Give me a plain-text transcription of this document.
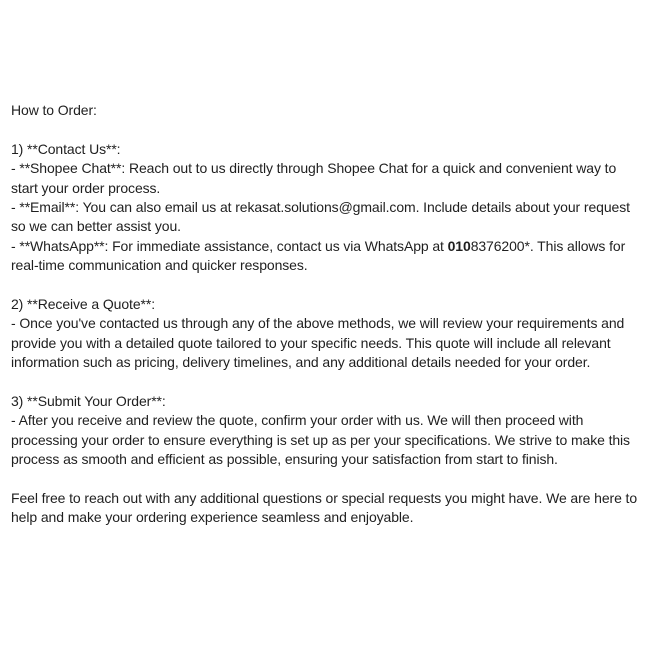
How to Order:

1) **Contact Us**:

- **Shopee Chat**: Reach out to us directly through Shopee Chat for a quick and convenient way to start your order process.

- **Email**: You can also email us at rekasat.solutions@gmail.com. Include details about your request so we can better assist you.

- **WhatsApp**: For immediate assistance, contact us via WhatsApp at 0108376200*. This allows for real-time communication and quicker responses.

2) **Receive a Quote**:

- Once you've contacted us through any of the above methods, we will review your requirements and provide you with a detailed quote tailored to your specific needs. This quote will include all relevant information such as pricing, delivery timelines, and any additional details needed for your order.

3) **Submit Your Order**:

- After you receive and review the quote, confirm your order with us. We will then proceed with processing your order to ensure everything is set up as per your specifications. We strive to make this process as smooth and efficient as possible, ensuring your satisfaction from start to finish.

Feel free to reach out with any additional questions or special requests you might have. We are here to help and make your ordering experience seamless and enjoyable.
